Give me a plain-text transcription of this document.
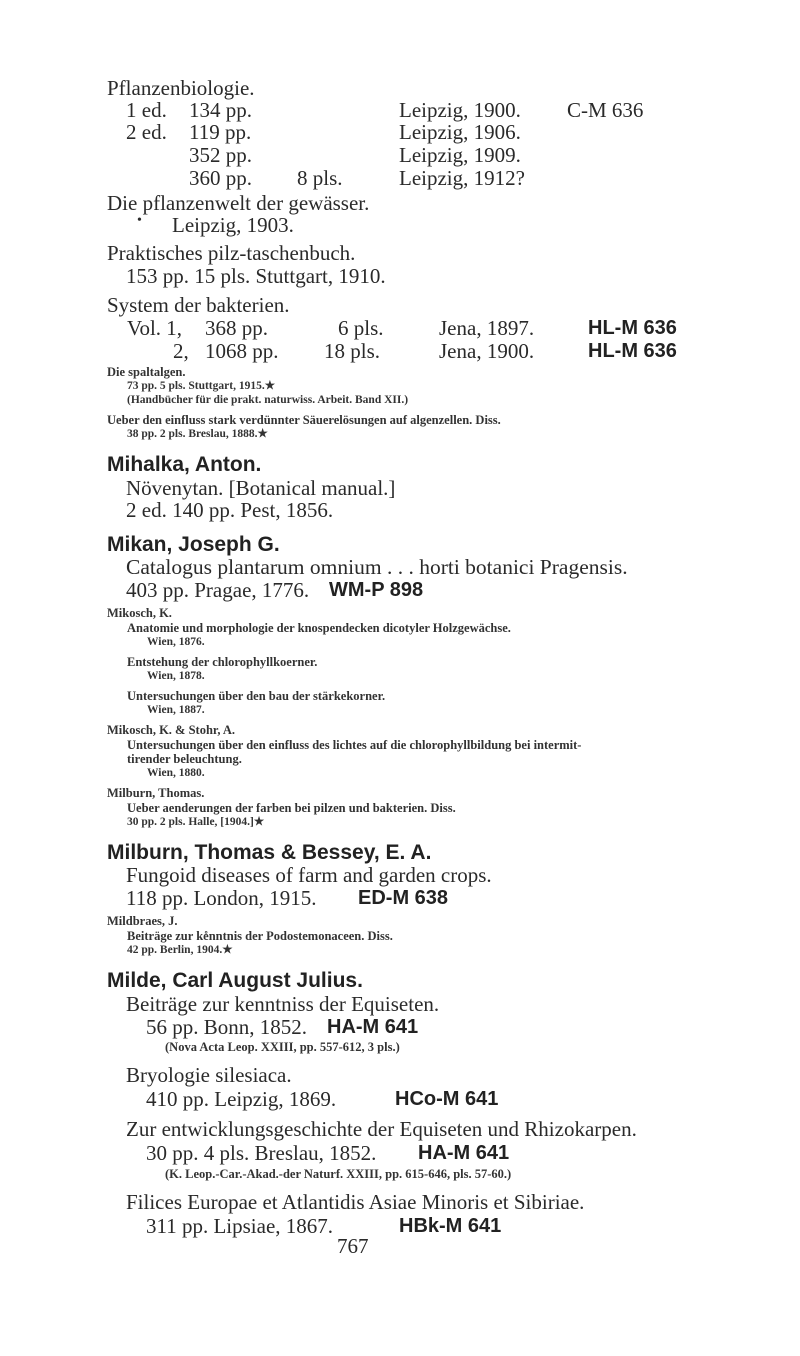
Pflanzenbiologie.
1 ed. 134 pp.	Leipzig, 1900. C-M 636
2 ed. 119 pp.	Leipzig, 1906.
352 pp.	Leipzig, 1909.
360 pp. 8 pls.	Leipzig, 1912?
Die pflanzenwelt der gewässer.
• Leipzig, 1903.
Praktisches pilz-taschenbuch.
153 pp. 15 pls. Stuttgart, 1910.
System der bakterien.
Vol. 1, 368 pp.	6 pls.	Jena, 1897.	HL-M 636
2, 1068 pp. 18 pls.	Jena, 1900.	HL-M 636
Die spaltalgen.
73 pp. 5 pls. Stuttgart, 1915.★
(Handbücher für die prakt. naturwiss. Arbeit. Band XII.)
Ueber den einfluss stark verdünnter Säuerelösungen auf algenzellen. Diss.
38 pp. 2 pls. Breslau, 1888.★
Mihalka, Anton.
Növenytan. [Botanical manual.]
2 ed. 140 pp. Pest, 1856.
Mikan, Joseph G.
Catalogus plantarum omnium . . . horti botanici Pragensis.
403 pp. Pragae, 1776. WM-P 898
Mikosch, K.
Anatomie und morphologie der knospendecken dicotyler Holzgewächse.
Wien, 1876.
Entstehung der chlorophyllkoerner.
Wien, 1878.
Untersuchungen über den bau der stärkekorner.
Wien, 1887.
Mikosch, K. & Stohr, A.
Untersuchungen über den einfluss des lichtes auf die chlorophyllbildung bei intermit-
tirender beleuchtung.
Wien, 1880.
Milburn, Thomas.
Ueber aenderungen der farben bei pilzen und bakterien. Diss.
30 pp. 2 pls. Halle, [1904.]★
Milburn, Thomas & Bessey, E. A.
Fungoid diseases of farm and garden crops.
118 pp. London, 1915. ED-M 638
Mildbraes, J.
Beiträge zur ke̊nntnis der Podostemonaceen. Diss.
42 pp. Berlin, 1904.★
Milde, Carl August Julius.
Beiträge zur kenntniss der Equiseten.
56 pp. Bonn, 1852. HA-M 641
(Nova Acta Leop. XXIII, pp. 557-612, 3 pls.)
Bryologie silesiaca.
410 pp. Leipzig, 1869.	HCo-M 641
Zur entwicklungsgeschichte der Equiseten und Rhizokarpen.
30 pp. 4 pls. Breslau, 1852. HA-M 641
(K. Leop.-Car.-Akad.-der Naturf. XXIII, pp. 615-646, pls. 57-60.)
Filices Europae et Atlantidis Asiae Minoris et Sibiriae.
311 pp. Lipsiae, 1867.	HBk-M 641
767
